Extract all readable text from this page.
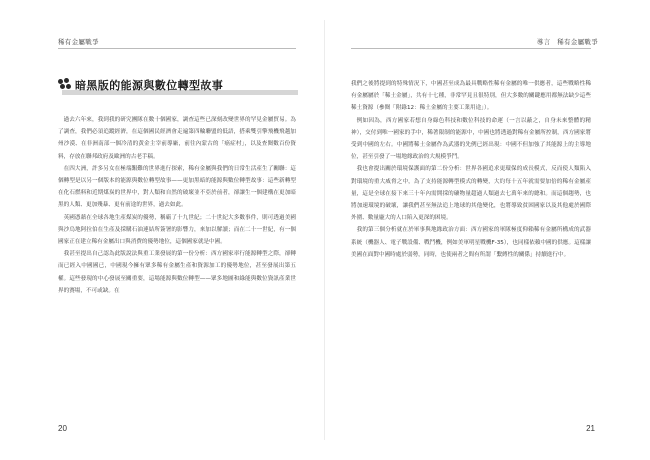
稀有金屬戰爭
暗黑版的能源與數位轉型故事

過去六年來，我到我的研究團隊在數十個國家，調查這些已深刻改變世界的罕見金屬貿易。為了調查，我們必須追蹤經濟，在這個國民經濟會走遍第四輪聯盟的低語，搭乘雙引擎飛機飛越加州沙漠、在非洲南部一個冷清的黃金主宰前導廠，前往內蒙古的「癌症村」，以及查閱數百份資料，存放在聯邦政府及歐洲的古老手稿。

在四大洲，許多另女在極端艱難的世界進行探索，稀有金屬與我們的日常生活產生了關聯：這個轉型是以另一個版本的能源與數位轉型故事——更加黑暗的能源與數位轉型故事：這些新轉型在化石燃料和近期煤炭的世界中，對人類和自然的破壞並不亞於前者，卻讓生一個建構在更加暗黑的人類、更加殘暴、更有前途的世界，過去如此。

英國憑藉在全球各地生產煤炭的優勢，稱霸了十九世紀；二十世紀大多數事件，則可透過美國與沙烏地阿拉伯在生產及採購石油連結所簽署的影響力，來加以解讀；而在二十一世紀，有一個國家正在建立稀有金屬出口與消費的優勢地位，這個國家就是中國。

我甚至提出自己認為此版說法與重工業發展的第一份分析：西方國家率行能源轉型之際，卻轉而已經入中國國已，中國現今擁有眾多稀有金屬生產和資源加工的優勢地位，甚至發展出第五權。這些發現的中心發展至關重要，這場能源與數位轉型——眾多地圖和綠能與數位資訊產業世界的賽場，不可或缺。在

20
導言　稀有金屬戰爭

我們之後將提到的特殊情況下，中國甚至成為最具戰略性稀有金屬的唯一供應者，這些戰略性稀有金屬屬於「稀土金屬」，共有十七種，非常罕見且很特別，但大多數的關鍵應用都無法缺少這些稀土資源（參閱「附錄12：稀土金屬的主要工業用途」）。

例如因為，西方國家若想自身綠色科技和數位科技的命運（一言以蔽之，自身未來整體的精神），交付到唯一國家的手中，稀著限制的能源中，中國也將透過對稀有金屬所控制，西方國家將受到中國的左右。中國將稀土金屬作為武器的先例已經出現：中國不但加強了其能源上的主導地位，甚至引發了一場地緣政治的大規模爭鬥。

我也會提出關於環境保護面的第二份分析：世界各國追求更環保的成長模式，反而使人類陷入對環境的重大威脅之中，為了支持能源轉型模式的轉變，大約每十五年就需要加倍的稀有金屬產量，這是全球在接下來三十年內需開採的礦物量超過人類過去七萬年來的總和。而這個趨勢，也將加速環境的破壞，讓我們甚至無法追上地球的其他變化，也將導致貧困國家以及其他處於國際外圍、數量龐大的人口陷入更深的困境。

我的第三個分析就在於軍事與地緣政治方面：西方國家的軍隊極度仰賴稀有金屬所構成的武器系統（機器人、電子戰設備、戰鬥機，例如美軍明星戰機F-35），也同樣依賴中國的供應。這樣讓美國在面對中國時處於弱勢，同時，也使兩者之間有所謂「繫縛性的關係」持續進行中。

21
